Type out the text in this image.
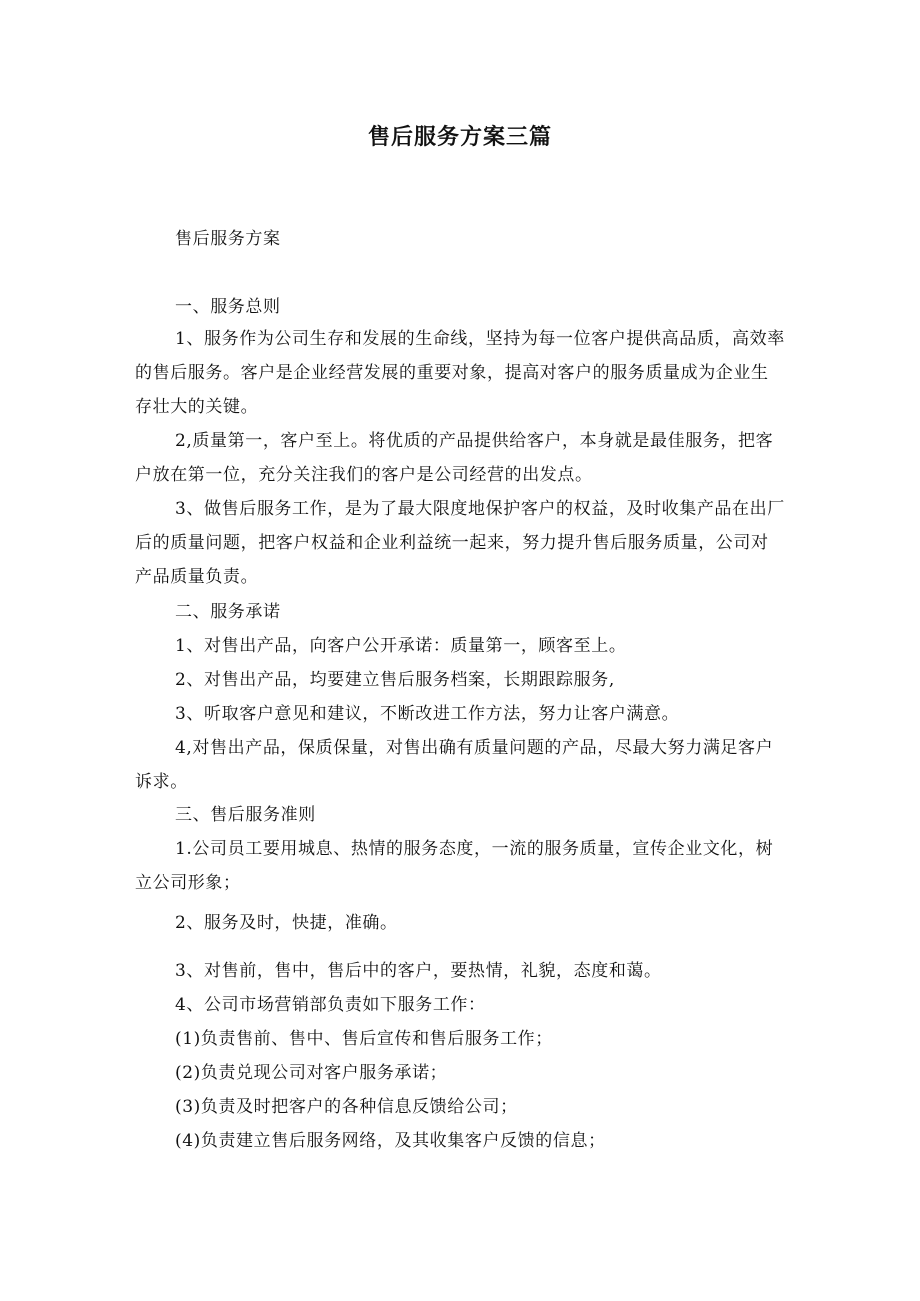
售后服务方案三篇
售后服务方案
一、服务总则

1、服务作为公司生存和发展的生命线，坚持为每一位客户提供高品质，高效率的售后服务。客户是企业经营发展的重要对象，提高对客户的服务质量成为企业生存壮大的关键。

2,质量第一，客户至上。将优质的产品提供给客户，本身就是最佳服务，把客户放在第一位，充分关注我们的客户是公司经营的出发点。

3、做售后服务工作，是为了最大限度地保护客户的权益，及时收集产品在出厂后的质量问题，把客户权益和企业利益统一起来，努力提升售后服务质量，公司对产品质量负责。

二、服务承诺

1、对售出产品，向客户公开承诺：质量第一，顾客至上。

2、对售出产品，均要建立售后服务档案，长期跟踪服务,

3、听取客户意见和建议，不断改进工作方法，努力让客户满意。

4,对售出产品，保质保量，对售出确有质量问题的产品，尽最大努力满足客户诉求。

三、售后服务准则

1.公司员工要用城息、热情的服务态度，一流的服务质量，宣传企业文化，树立公司形象；

2、服务及时，快捷，准确。

3、对售前，售中，售后中的客户，要热情，礼貌，态度和蔼。

4、公司市场营销部负责如下服务工作：

(1)负责售前、售中、售后宣传和售后服务工作；

(2)负责兑现公司对客户服务承诺；

(3)负责及时把客户的各种信息反馈给公司；

(4)负责建立售后服务网络，及其收集客户反馈的信息；
